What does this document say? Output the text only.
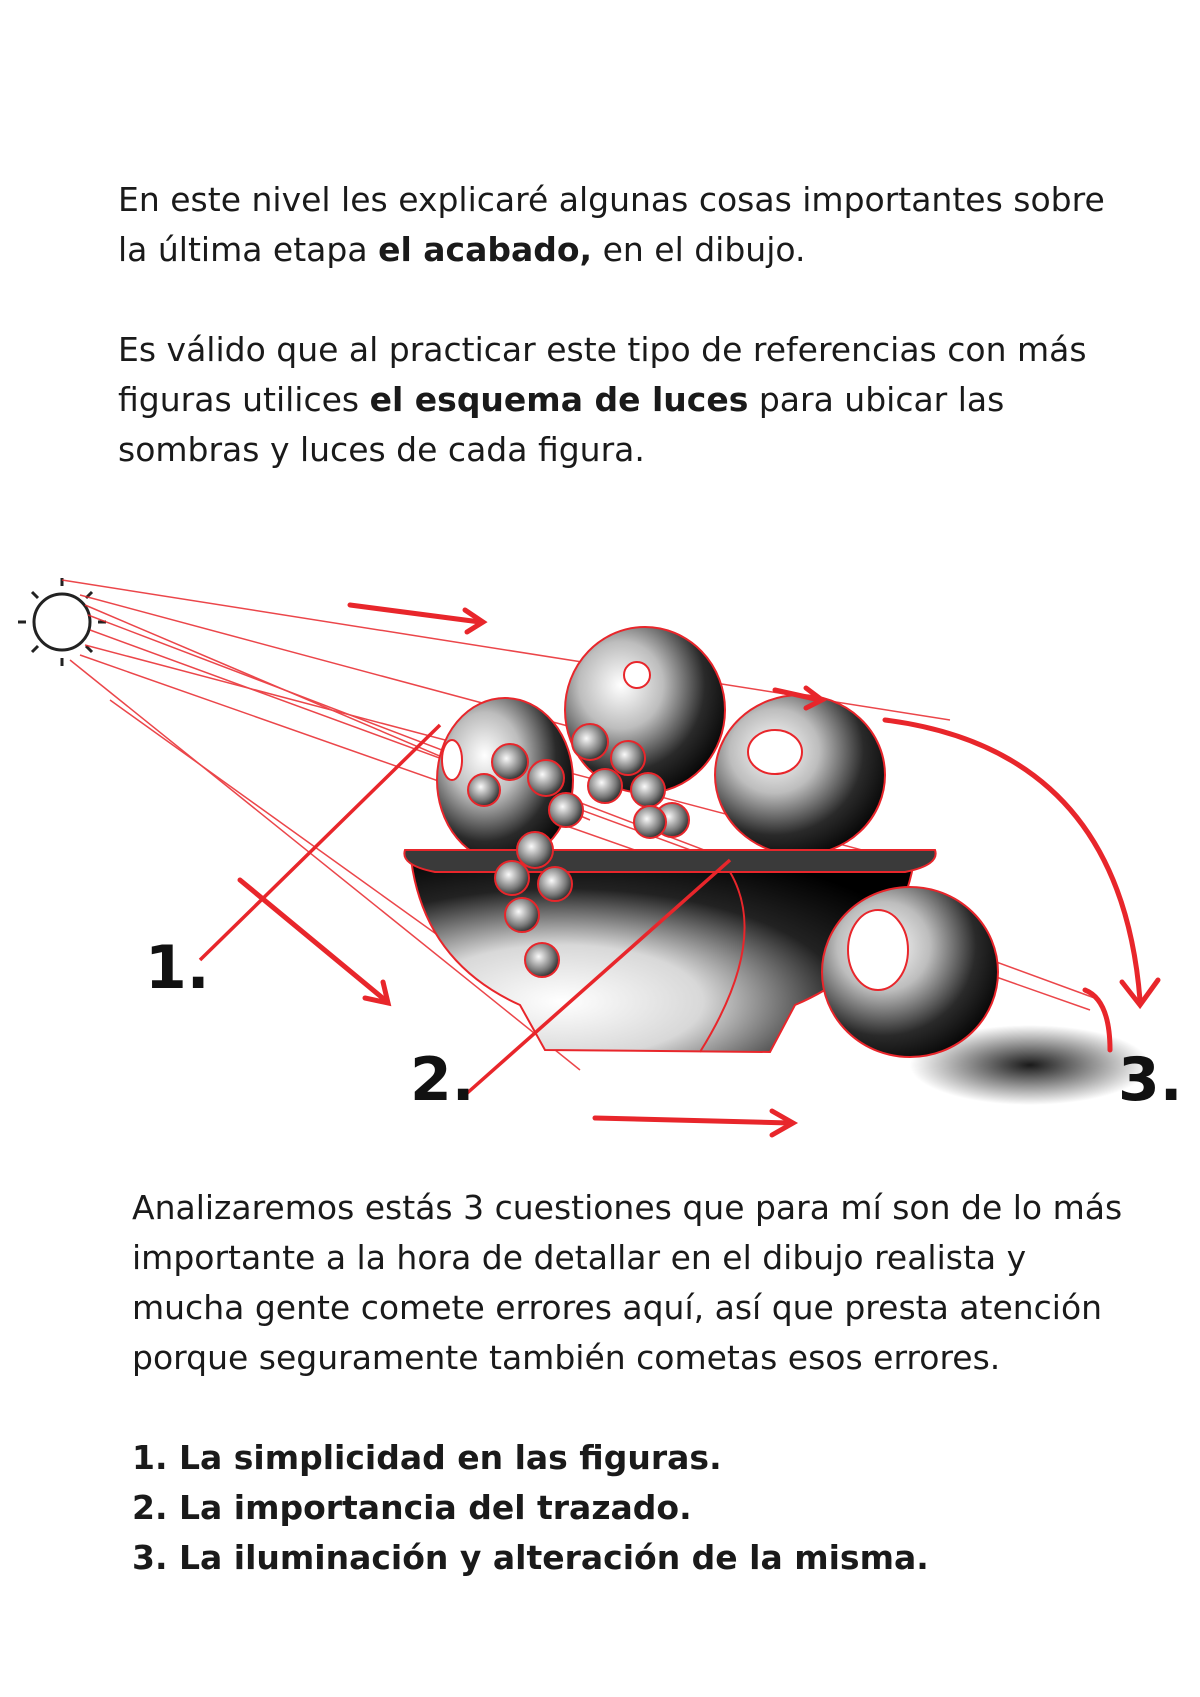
En este nivel les explicaré algunas cosas importantes sobre la última etapa el acabado, en el dibujo.

Es válido que al practicar este tipo de referencias con más figuras utilices el esquema de luces para ubicar las sombras y luces de cada figura.

1.
2.	3.

Analizaremos estás 3 cuestiones que para mí son de lo más importante a la hora de detallar en el dibujo realista y mucha gente comete errores aquí, así que presta atención porque seguramente también cometas esos errores.

1. La simplicidad en las figuras.
2. La importancia del trazado.
3. La iluminación y alteración de la misma.
